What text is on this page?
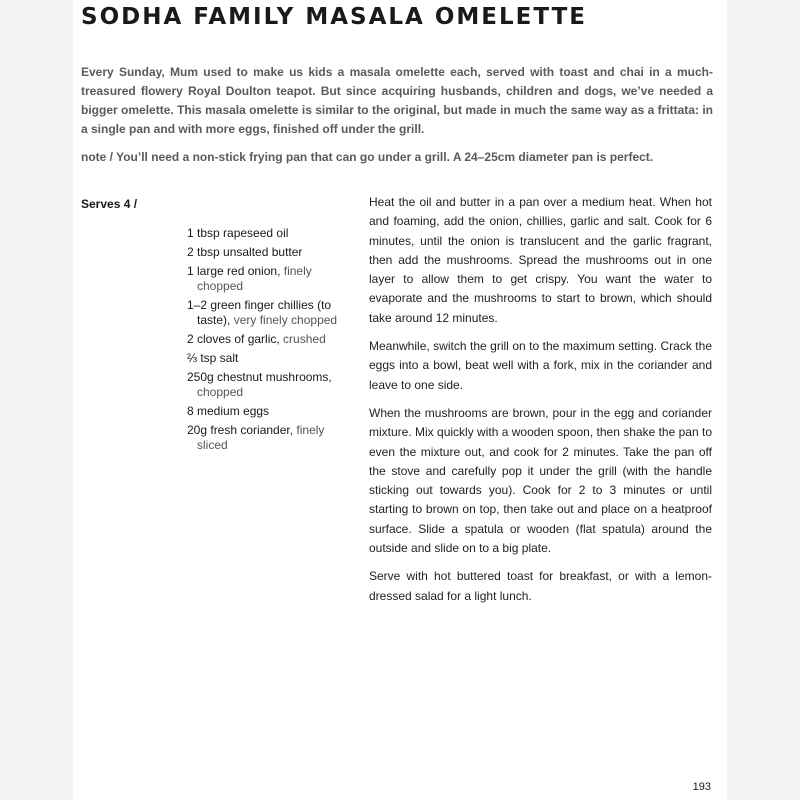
SODHA FAMILY MASALA OMELETTE

Every Sunday, Mum used to make us kids a masala omelette each, served with toast and chai in a much-treasured flowery Royal Doulton teapot. But since acquiring husbands, children and dogs, we’ve needed a bigger omelette. This masala omelette is similar to the original, but made in much the same way as a frittata: in a single pan and with more eggs, finished off under the grill.

note / You’ll need a non-stick frying pan that can go under a grill. A 24–25cm diameter pan is perfect.

Serves 4 /

1 tbsp rapeseed oil
2 tbsp unsalted butter
1 large red onion, finely chopped
1–2 green finger chillies (to taste), very finely chopped
2 cloves of garlic, crushed
⅔ tsp salt
250g chestnut mushrooms, chopped
8 medium eggs
20g fresh coriander, finely sliced

Heat the oil and butter in a pan over a medium heat. When hot and foaming, add the onion, chillies, garlic and salt. Cook for 6 minutes, until the onion is translucent and the garlic fragrant, then add the mushrooms. Spread the mushrooms out in one layer to allow them to get crispy. You want the water to evaporate and the mushrooms to start to brown, which should take around 12 minutes.

Meanwhile, switch the grill on to the maximum setting. Crack the eggs into a bowl, beat well with a fork, mix in the coriander and leave to one side.

When the mushrooms are brown, pour in the egg and coriander mixture. Mix quickly with a wooden spoon, then shake the pan to even the mixture out, and cook for 2 minutes. Take the pan off the stove and carefully pop it under the grill (with the handle sticking out towards you). Cook for 2 to 3 minutes or until starting to brown on top, then take out and place on a heatproof surface. Slide a spatula or wooden (flat spatula) around the outside and slide on to a big plate.

Serve with hot buttered toast for breakfast, or with a lemon-dressed salad for a light lunch.

193
